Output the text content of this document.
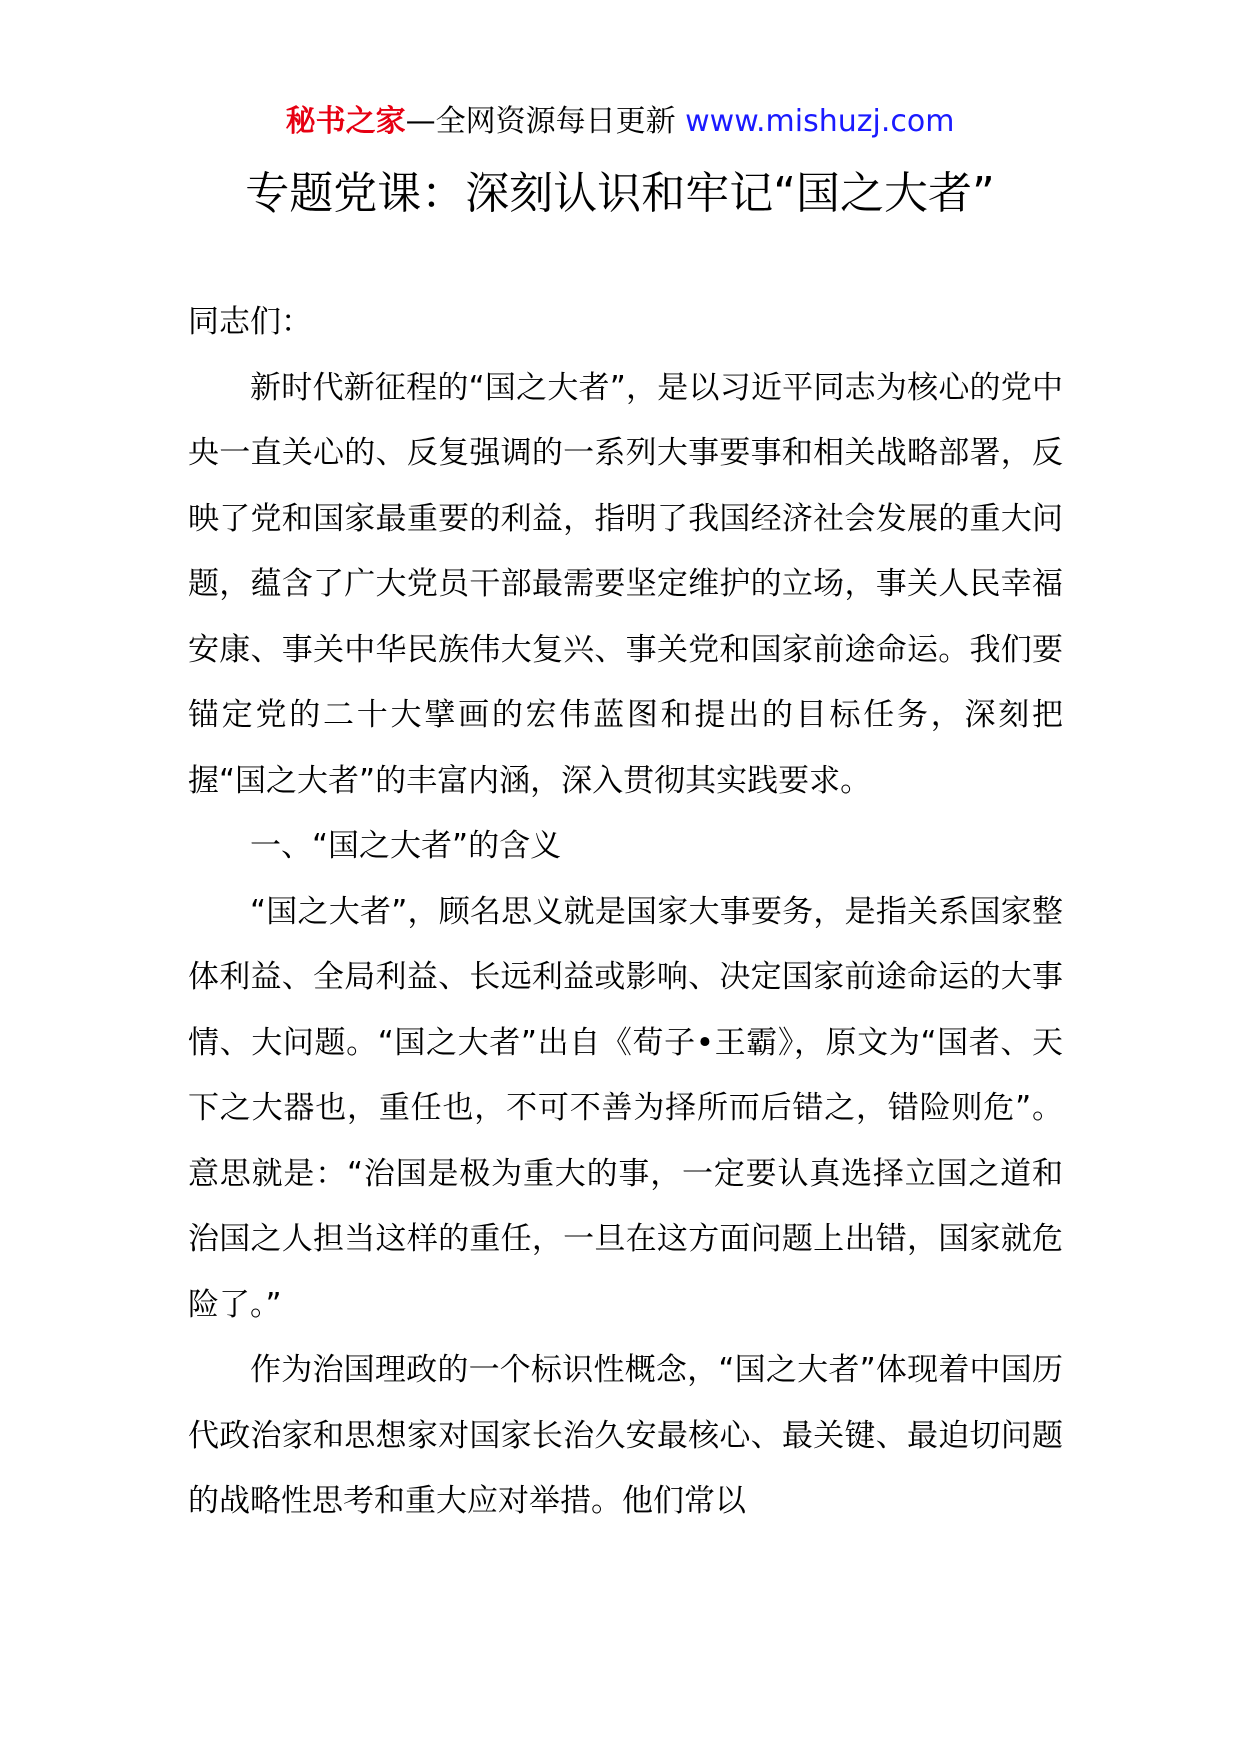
秘书之家—全网资源每日更新 www.mishuzj.com
专题党课：深刻认识和牢记“国之大者”

同志们：

新时代新征程的“国之大者”，是以习近平同志为核心的党中央一直关心的、反复强调的一系列大事要事和相关战略部署，反映了党和国家最重要的利益，指明了我国经济社会发展的重大问题，蕴含了广大党员干部最需要坚定维护的立场，事关人民幸福安康、事关中华民族伟大复兴、事关党和国家前途命运。我们要锚定党的二十大擘画的宏伟蓝图和提出的目标任务，深刻把握“国之大者”的丰富内涵，深入贯彻其实践要求。

一、“国之大者”的含义

“国之大者”，顾名思义就是国家大事要务，是指关系国家整体利益、全局利益、长远利益或影响、决定国家前途命运的大事情、大问题。“国之大者”出自《荀子•王霸》，原文为“国者、天下之大器也，重任也，不可不善为择所而后错之，错险则危”。意思就是：“治国是极为重大的事，一定要认真选择立国之道和治国之人担当这样的重任，一旦在这方面问题上出错，国家就危险了。”

作为治国理政的一个标识性概念，“国之大者”体现着中国历代政治家和思想家对国家长治久安最核心、最关键、最迫切问题的战略性思考和重大应对举措。他们常以
